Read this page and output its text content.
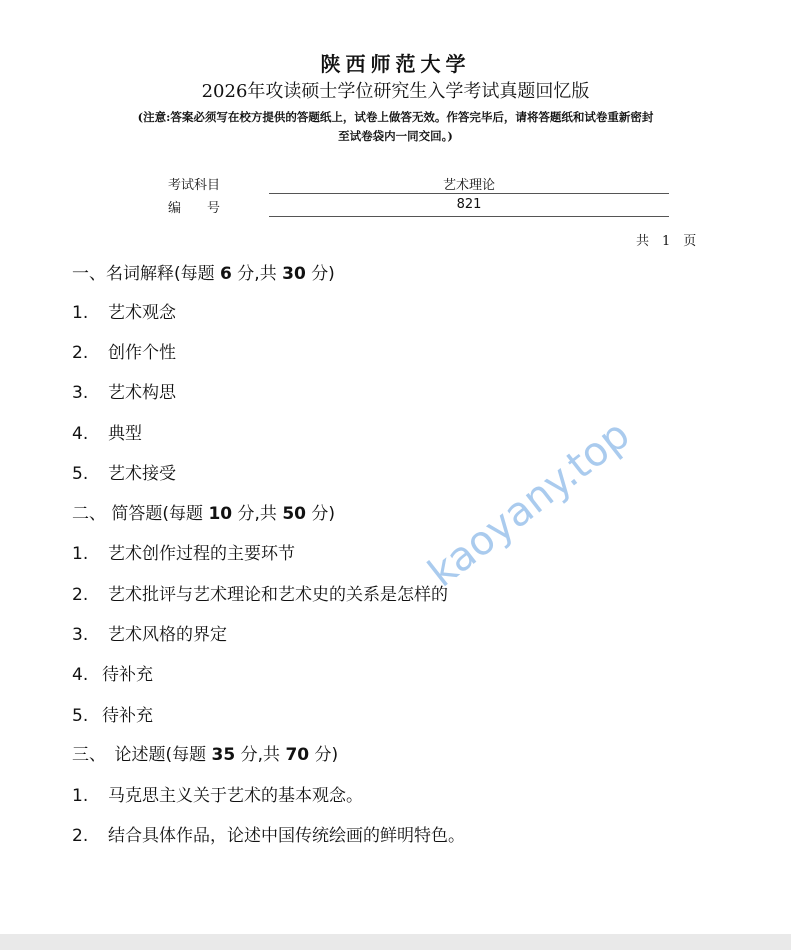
陕西师范大学
2026年攻读硕士学位研究生入学考试真题回忆版
(注意:答案必须写在校方提供的答题纸上，试卷上做答无效。作答完毕后，请将答题纸和试卷重新密封
至试卷袋内一同交回。)
考试科目	艺术理论
编　　号	821
共　1　页
一、名词解释(每题 6 分,共 30 分)
1. 艺术观念
2. 创作个性
3. 艺术构思
4. 典型
5. 艺术接受
二、 简答题(每题 10 分,共 50 分)
1. 艺术创作过程的主要环节
2. 艺术批评与艺术理论和艺术史的关系是怎样的
3. 艺术风格的界定
4. 待补充
5. 待补充
三、　论述题(每题 35 分,共 70 分)
1. 马克思主义关于艺术的基本观念。
2. 结合具体作品，论述中国传统绘画的鲜明特色。
kaoyany.top
